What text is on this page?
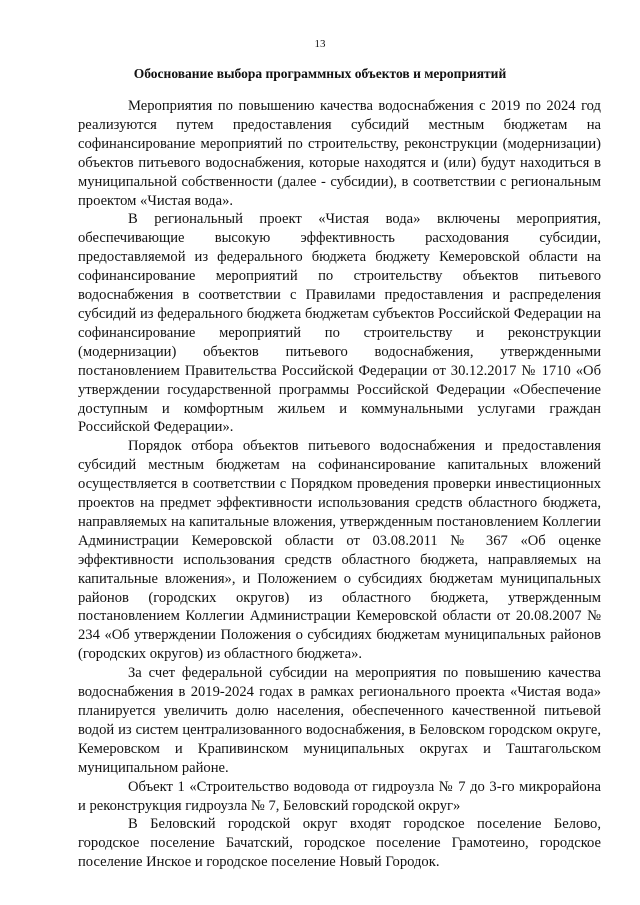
13
Обоснование выбора программных объектов и мероприятий

Мероприятия по повышению качества водоснабжения с 2019 по 2024 год реализуются путем предоставления субсидий местным бюджетам на софинансирование мероприятий по строительству, реконструкции (модернизации) объектов питьевого водоснабжения, которые находятся и (или) будут находиться в муниципальной собственности (далее - субсидии), в соответствии с региональным проектом «Чистая вода».

В региональный проект «Чистая вода» включены мероприятия, обеспечивающие высокую эффективность расходования субсидии, предоставляемой из федерального бюджета бюджету Кемеровской области на софинансирование мероприятий по строительству объектов питьевого водоснабжения в соответствии с Правилами предоставления и распределения субсидий из федерального бюджета бюджетам субъектов Российской Федерации на софинансирование мероприятий по строительству и реконструкции (модернизации) объектов питьевого водоснабжения, утвержденными постановлением Правительства Российской Федерации от 30.12.2017 № 1710 «Об утверждении государственной программы Российской Федерации «Обеспечение доступным и комфортным жильем и коммунальными услугами граждан Российской Федерации».

Порядок отбора объектов питьевого водоснабжения и предоставления субсидий местным бюджетам на софинансирование капитальных вложений осуществляется в соответствии с Порядком проведения проверки инвестиционных проектов на предмет эффективности использования средств областного бюджета, направляемых на капитальные вложения, утвержденным постановлением Коллегии Администрации Кемеровской области от 03.08.2011 № 367 «Об оценке эффективности использования средств областного бюджета, направляемых на капитальные вложения», и Положением о субсидиях бюджетам муниципальных районов (городских округов) из областного бюджета, утвержденным постановлением Коллегии Администрации Кемеровской области от 20.08.2007 № 234 «Об утверждении Положения о субсидиях бюджетам муниципальных районов (городских округов) из областного бюджета».

За счет федеральной субсидии на мероприятия по повышению качества водоснабжения в 2019-2024 годах в рамках регионального проекта «Чистая вода» планируется увеличить долю населения, обеспеченного качественной питьевой водой из систем централизованного водоснабжения, в Беловском городском округе, Кемеровском и Крапивинском муниципальных округах и Таштагольском муниципальном районе.

Объект 1 «Строительство водовода от гидроузла № 7 до 3-го микрорайона и реконструкция гидроузла № 7, Беловский городской округ»

В Беловский городской округ входят городское поселение Белово, городское поселение Бачатский, городское поселение Грамотеино, городское поселение Инское и городское поселение Новый Городок.
